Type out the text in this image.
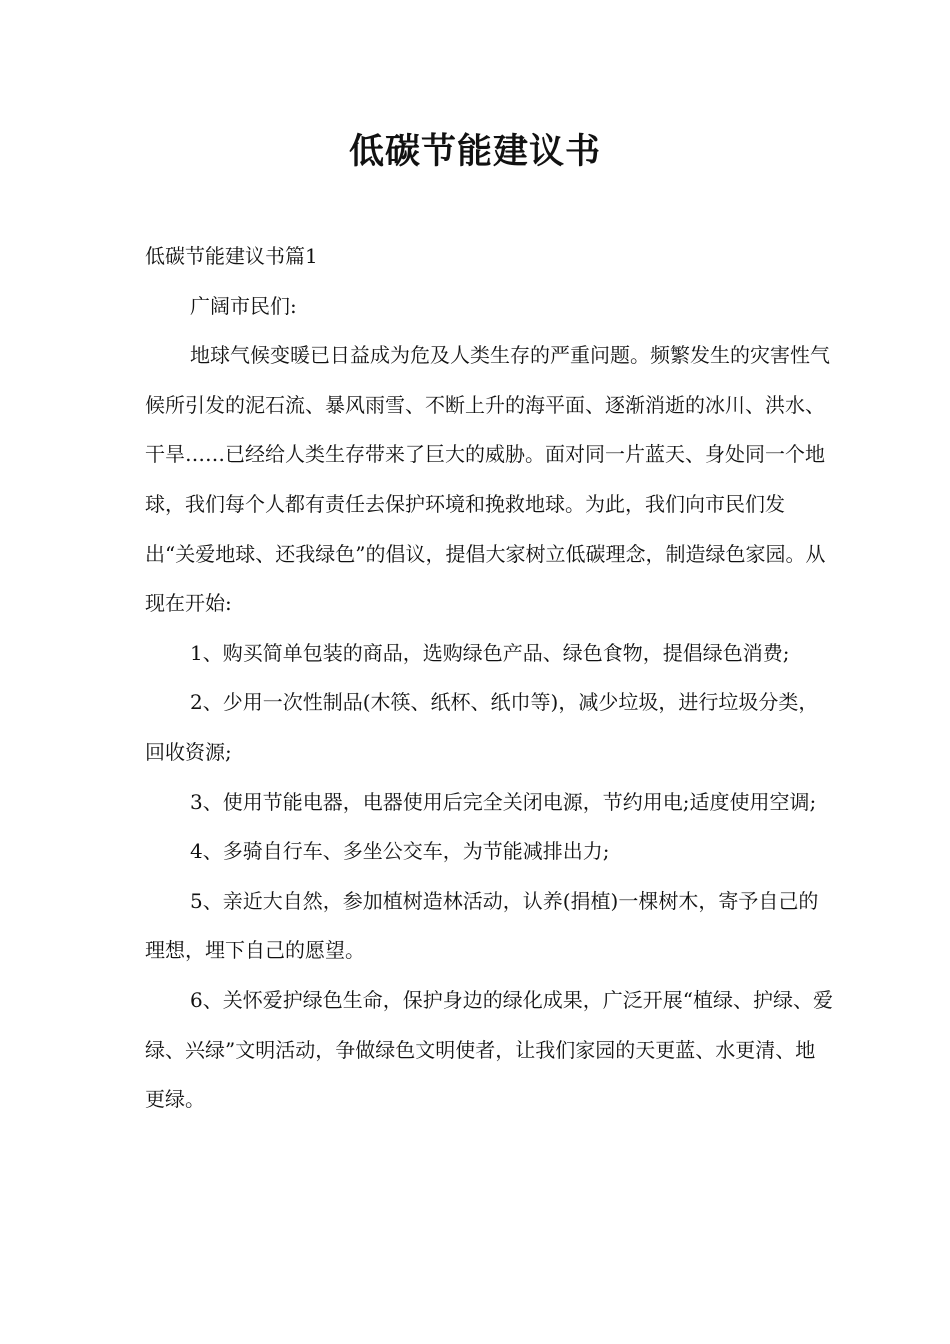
低碳节能建议书

低碳节能建议书篇1

广阔市民们:

地球气候变暖已日益成为危及人类生存的严重问题。频繁发生的灾害性气候所引发的泥石流、暴风雨雪、不断上升的海平面、逐渐消逝的冰川、洪水、干旱……已经给人类生存带来了巨大的威胁。面对同一片蓝天、身处同一个地球，我们每个人都有责任去保护环境和挽救地球。为此，我们向市民们发出“关爱地球、还我绿色”的倡议，提倡大家树立低碳理念，制造绿色家园。从现在开始:

1、购买简单包装的商品，选购绿色产品、绿色食物，提倡绿色消费;

2、少用一次性制品(木筷、纸杯、纸巾等)，减少垃圾，进行垃圾分类，回收资源;

3、使用节能电器，电器使用后完全关闭电源，节约用电;适度使用空调;

4、多骑自行车、多坐公交车，为节能减排出力;

5、亲近大自然，参加植树造林活动，认养(捐植)一棵树木，寄予自己的理想，埋下自己的愿望。

6、关怀爱护绿色生命，保护身边的绿化成果，广泛开展“植绿、护绿、爱绿、兴绿”文明活动，争做绿色文明使者，让我们家园的天更蓝、水更清、地更绿。
